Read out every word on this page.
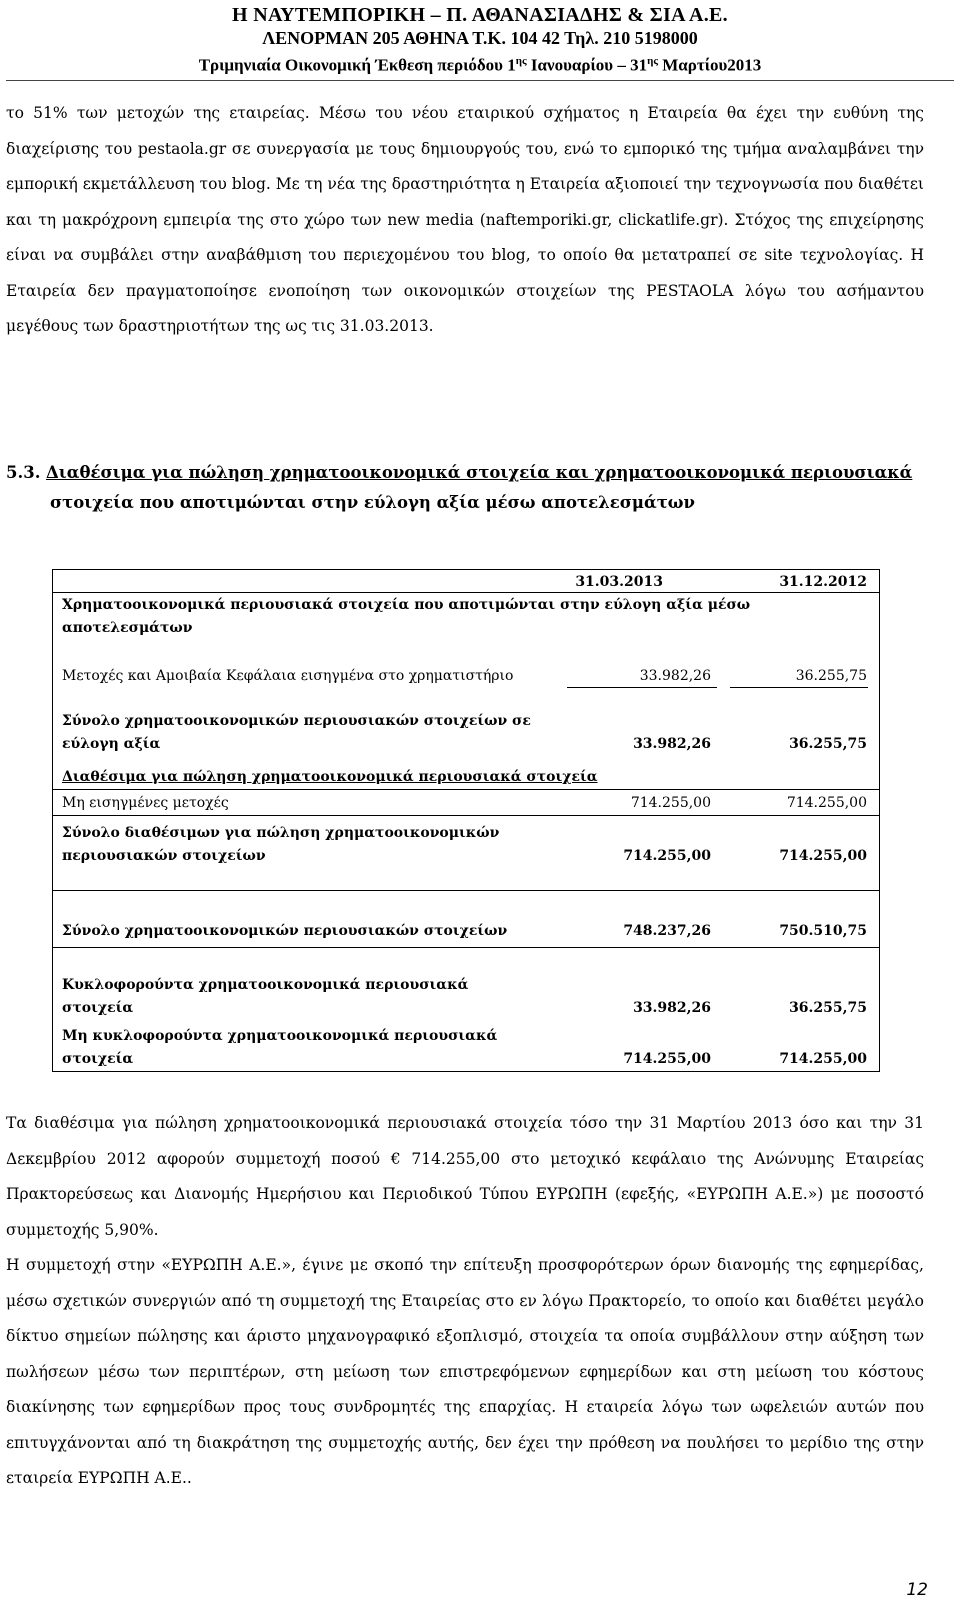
Η ΝΑΥΤΕΜΠΟΡΙΚΗ – Π. ΑΘΑΝΑΣΙΑΔΗΣ & ΣΙΑ Α.Ε.
ΛΕΝΟΡΜΑΝ 205 ΑΘΗΝΑ Τ.Κ. 104 42 Τηλ. 210 5198000
Τριμηνιαία Οικονομική Έκθεση περιόδου $1^{\eta\varsigma}$ Ιανουαρίου – $31^{\eta\varsigma}$ Μαρτίου2013
το 51% των μετοχών της εταιρείας. Μέσω του νέου εταιρικού σχήματος η Εταιρεία θα έχει την ευθύνη της διαχείρισης του pestaola.gr σε συνεργασία με τους δημιουργούς του, ενώ το εμπορικό της τμήμα αναλαμβάνει την εμπορική εκμετάλλευση του blog. Με τη νέα της δραστηριότητα η Εταιρεία αξιοποιεί την τεχνογνωσία που διαθέτει και τη μακρόχρονη εμπειρία της στο χώρο των new media (naftemporiki.gr, clickatlife.gr). Στόχος της επιχείρησης είναι να συμβάλει στην αναβάθμιση του περιεχομένου του blog, το οποίο θα μετατραπεί σε site τεχνολογίας. Η Εταιρεία δεν πραγματοποίησε ενοποίηση των οικονομικών στοιχείων της PESTAOLA λόγω του ασήμαντου μεγέθους των δραστηριοτήτων της ως τις 31.03.2013.
5.3. Διαθέσιμα για πώληση χρηματοοικονομικά στοιχεία και χρηματοοικονομικά περιουσιακά
στοιχεία που αποτιμώνται στην εύλογη αξία μέσω αποτελεσμάτων
31.03.2013	31.12.2012
Χρηματοοικονομικά περιουσιακά στοιχεία που αποτιμώνται στην εύλογη αξία μέσω
αποτελεσμάτων
Μετοχές και Αμοιβαία Κεφάλαια εισηγμένα στο χρηματιστήριο	33.982,26	36.255,75
Σύνολο χρηματοοικονομικών περιουσιακών στοιχείων σε
εύλογη αξία	33.982,26	36.255,75
Διαθέσιμα για πώληση χρηματοοικονομικά περιουσιακά στοιχεία
Μη εισηγμένες μετοχές	714.255,00	714.255,00
Σύνολο διαθέσιμων για πώληση χρηματοοικονομικών
περιουσιακών στοιχείων	714.255,00	714.255,00
Σύνολο χρηματοοικονομικών περιουσιακών στοιχείων	748.237,26	750.510,75
Κυκλοφορούντα χρηματοοικονομικά περιουσιακά
στοιχεία	33.982,26	36.255,75
Μη κυκλοφορούντα χρηματοοικονομικά περιουσιακά
στοιχεία	714.255,00	714.255,00
Τα διαθέσιμα για πώληση χρηματοοικονομικά περιουσιακά στοιχεία τόσο την 31 Μαρτίου 2013 όσο και την 31 Δεκεμβρίου 2012 αφορούν συμμετοχή ποσού € 714.255,00 στο μετοχικό κεφάλαιο της Ανώνυμης Εταιρείας Πρακτορεύσεως και Διανομής Ημερήσιου και Περιοδικού Τύπου ΕΥΡΩΠΗ (εφεξής, «ΕΥΡΩΠΗ Α.Ε.») με ποσοστό συμμετοχής 5,90%.
Η συμμετοχή στην «ΕΥΡΩΠΗ Α.Ε.», έγινε με σκοπό την επίτευξη προσφορότερων όρων διανομής της εφημερίδας, μέσω σχετικών συνεργιών από τη συμμετοχή της Εταιρείας στο εν λόγω Πρακτορείο, το οποίο και διαθέτει μεγάλο δίκτυο σημείων πώλησης και άριστο μηχανογραφικό εξοπλισμό, στοιχεία τα οποία συμβάλλουν στην αύξηση των πωλήσεων μέσω των περιπτέρων, στη μείωση των επιστρεφόμενων εφημερίδων και στη μείωση του κόστους διακίνησης των εφημερίδων προς τους συνδρομητές της επαρχίας. Η εταιρεία λόγω των ωφελειών αυτών που επιτυγχάνονται από τη διακράτηση της συμμετοχής αυτής, δεν έχει την πρόθεση να πουλήσει το μερίδιο της στην εταιρεία ΕΥΡΩΠΗ Α.Ε..
12
